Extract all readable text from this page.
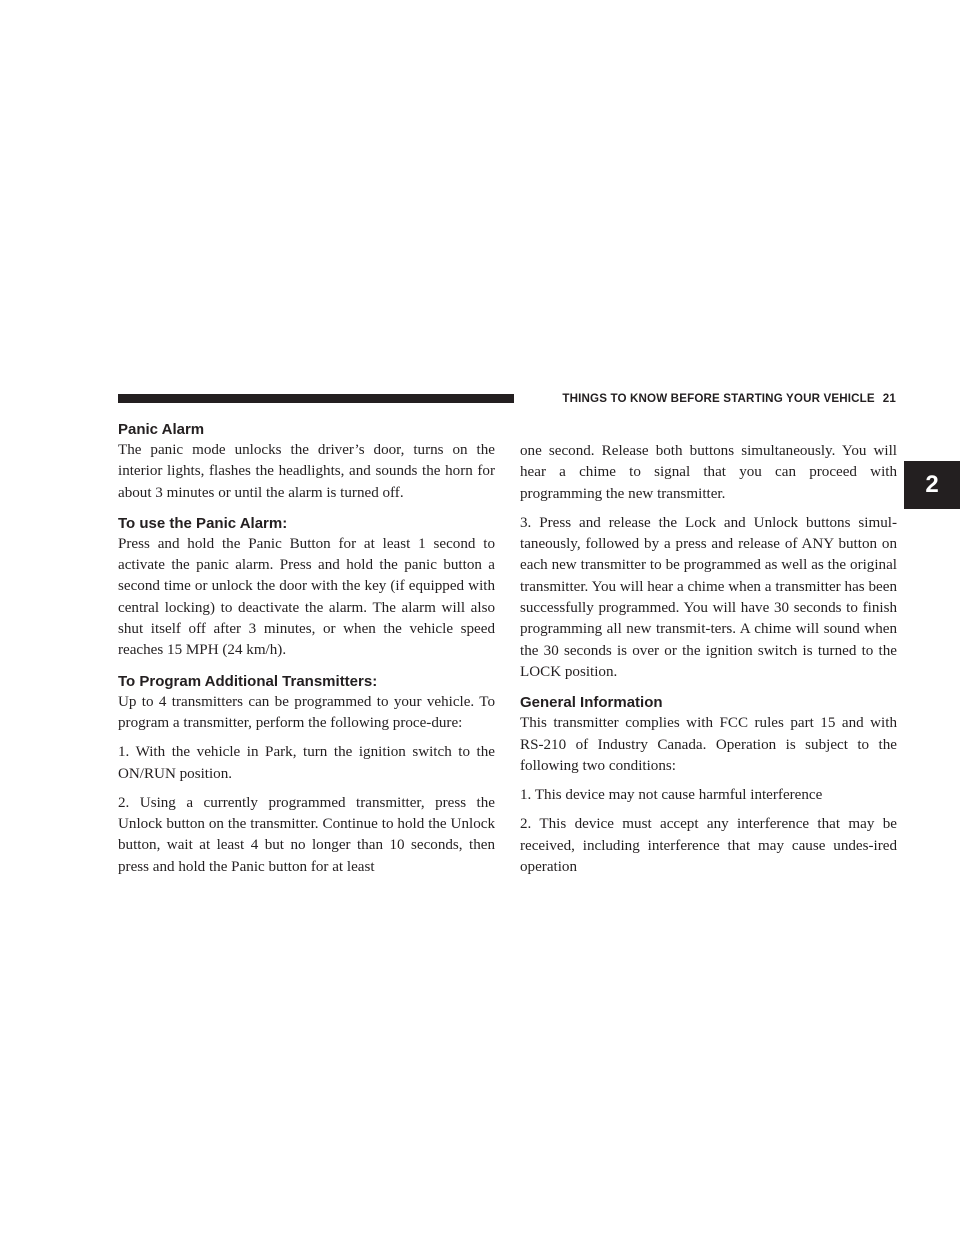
THINGS TO KNOW BEFORE STARTING YOUR VEHICLE 21
2
Panic Alarm

The panic mode unlocks the driver’s door, turns on the interior lights, flashes the headlights, and sounds the horn for about 3 minutes or until the alarm is turned off.

To use the Panic Alarm:

Press and hold the Panic Button for at least 1 second to activate the panic alarm. Press and hold the panic button a second time or unlock the door with the key (if equipped with central locking) to deactivate the alarm. The alarm will also shut itself off after 3 minutes, or when the vehicle speed reaches 15 MPH (24 km/h).

To Program Additional Transmitters:

Up to 4 transmitters can be programmed to your vehicle. To program a transmitter, perform the following proce-dure:

1. With the vehicle in Park, turn the ignition switch to the ON/RUN position.

2. Using a currently programmed transmitter, press the Unlock button on the transmitter. Continue to hold the Unlock button, wait at least 4 but no longer than 10 seconds, then press and hold the Panic button for at least

one second. Release both buttons simultaneously. You will hear a chime to signal that you can proceed with programming the new transmitter.

3. Press and release the Lock and Unlock buttons simul-taneously, followed by a press and release of ANY button on each new transmitter to be programmed as well as the original transmitter. You will hear a chime when a transmitter has been successfully programmed. You will have 30 seconds to finish programming all new transmit-ters. A chime will sound when the 30 seconds is over or the ignition switch is turned to the LOCK position.

General Information

This transmitter complies with FCC rules part 15 and with RS-210 of Industry Canada. Operation is subject to the following two conditions:

1. This device may not cause harmful interference

2. This device must accept any interference that may be received, including interference that may cause undes-ired operation
